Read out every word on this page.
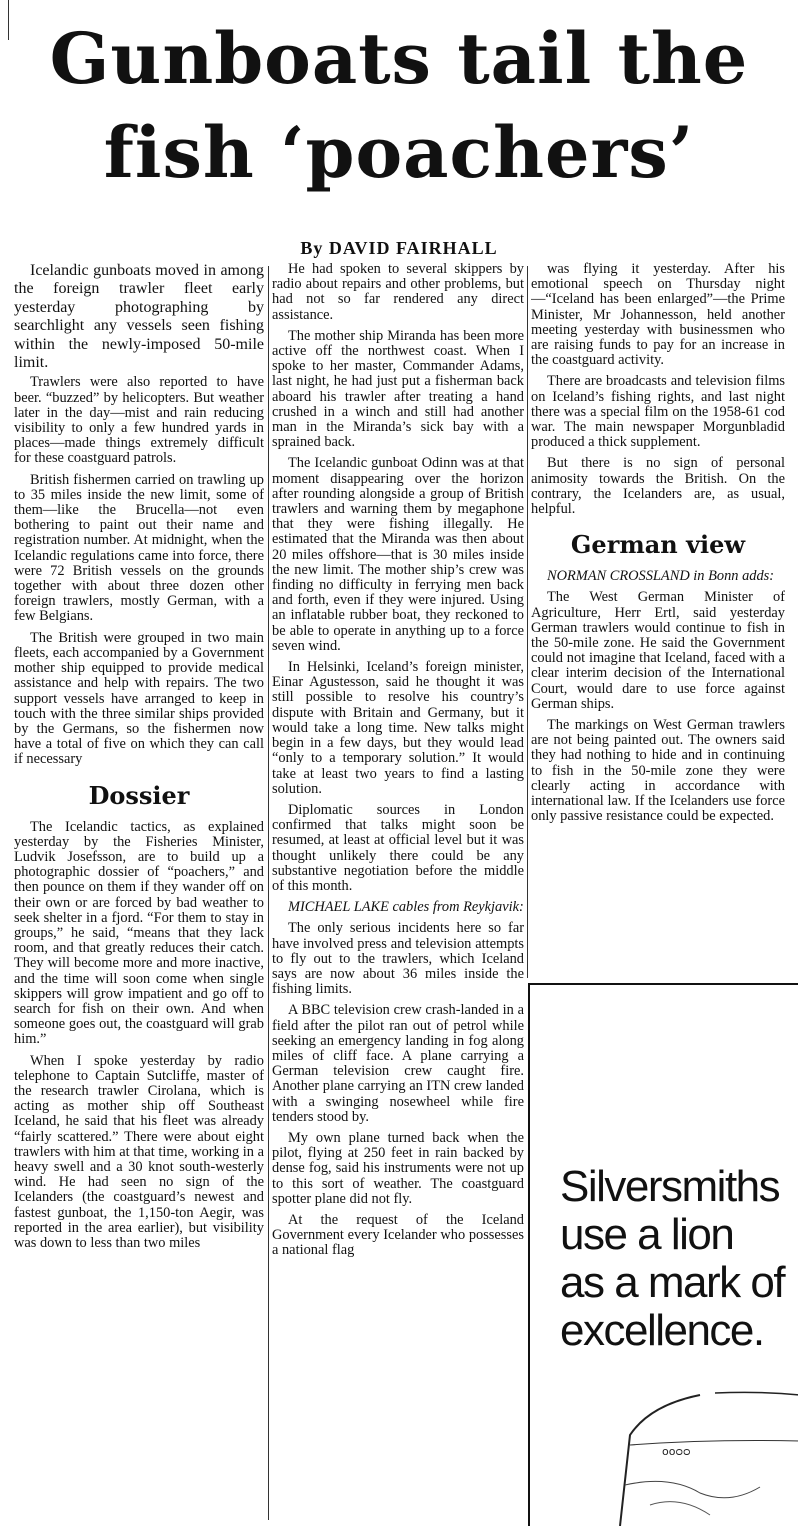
Gunboats tail the
fish ‘poachers’
By DAVID FAIRHALL

Icelandic gunboats moved in among the foreign trawler fleet early yesterday photographing by searchlight any vessels seen fishing within the newly-imposed 50-mile limit.

Trawlers were also reported to have beer. “buzzed” by helicopters. But weather later in the day—mist and rain reducing visibility to only a few hundred yards in places—made things extremely difficult for these coastguard patrols.

British fishermen carried on trawling up to 35 miles inside the new limit, some of them—like the Brucella—not even bothering to paint out their name and registration number. At midnight, when the Icelandic regulations came into force, there were 72 British vessels on the grounds together with about three dozen other foreign trawlers, mostly German, with a few Belgians.

The British were grouped in two main fleets, each accompanied by a Government mother ship equipped to provide medical assistance and help with repairs. The two support vessels have arranged to keep in touch with the three similar ships provided by the Germans, so the fishermen now have a total of five on which they can call if necessary

Dossier

The Icelandic tactics, as explained yesterday by the Fisheries Minister, Ludvik Josefsson, are to build up a photographic dossier of “poachers,” and then pounce on them if they wander off on their own or are forced by bad weather to seek shelter in a fjord. “For them to stay in groups,” he said, “means that they lack room, and that greatly reduces their catch. They will become more and more inactive, and the time will soon come when single skippers will grow impatient and go off to search for fish on their own. And when someone goes out, the coastguard will grab him.”

When I spoke yesterday by radio telephone to Captain Sutcliffe, master of the research trawler Cirolana, which is acting as mother ship off Southeast Iceland, he said that his fleet was already “fairly scattered.” There were about eight trawlers with him at that time, working in a heavy swell and a 30 knot south-westerly wind. He had seen no sign of the Icelanders (the coastguard’s newest and fastest gunboat, the 1,150-ton Aegir, was reported in the area earlier), but visibility was down to less than two miles

He had spoken to several skippers by radio about repairs and other problems, but had not so far rendered any direct assistance.

The mother ship Miranda has been more active off the northwest coast. When I spoke to her master, Commander Adams, last night, he had just put a fisherman back aboard his trawler after treating a hand crushed in a winch and still had another man in the Miranda’s sick bay with a sprained back.

The Icelandic gunboat Odinn was at that moment disappearing over the horizon after rounding alongside a group of British trawlers and warning them by megaphone that they were fishing illegally. He estimated that the Miranda was then about 20 miles offshore—that is 30 miles inside the new limit. The mother ship’s crew was finding no difficulty in ferrying men back and forth, even if they were injured. Using an inflatable rubber boat, they reckoned to be able to operate in anything up to a force seven wind.

In Helsinki, Iceland’s foreign minister, Einar Agustesson, said he thought it was still possible to resolve his country’s dispute with Britain and Germany, but it would take a long time. New talks might begin in a few days, but they would lead “only to a temporary solution.” It would take at least two years to find a lasting solution.

Diplomatic sources in London confirmed that talks might soon be resumed, at least at official level but it was thought unlikely there could be any substantive negotiation before the middle of this month.

MICHAEL LAKE cables from Reykjavik:

The only serious incidents here so far have involved press and television attempts to fly out to the trawlers, which Iceland says are now about 36 miles inside the fishing limits.

A BBC television crew crash-landed in a field after the pilot ran out of petrol while seeking an emergency landing in fog along miles of cliff face. A plane carrying a German television crew caught fire. Another plane carrying an ITN crew landed with a swinging nosewheel while fire tenders stood by.

My own plane turned back when the pilot, flying at 250 feet in rain backed by dense fog, said his instruments were not up to this sort of weather. The coastguard spotter plane did not fly.

At the request of the Iceland Government every Icelander who possesses a national flag

was flying it yesterday. After his emotional speech on Thursday night—“Iceland has been enlarged”—the Prime Minister, Mr Johannesson, held another meeting yesterday with businessmen who are raising funds to pay for an increase in the coastguard activity.

There are broadcasts and television films on Iceland’s fishing rights, and last night there was a special film on the 1958-61 cod war. The main newspaper Morgunbladid produced a thick supplement.

But there is no sign of personal animosity towards the British. On the contrary, the Icelanders are, as usual, helpful.

German view

NORMAN CROSSLAND in Bonn adds:

The West German Minister of Agriculture, Herr Ertl, said yesterday German trawlers would continue to fish in the 50-mile zone. He said the Government could not imagine that Iceland, faced with a clear interim decision of the International Court, would dare to use force against German ships.

The markings on West German trawlers are not being painted out. The owners said they had nothing to hide and in continuing to fish in the 50-mile zone they were clearly acting in accordance with international law. If the Icelanders use force only passive resistance could be expected.

Silversmiths
use a lion
as a mark of
excellence.
ooᴑᴑ
